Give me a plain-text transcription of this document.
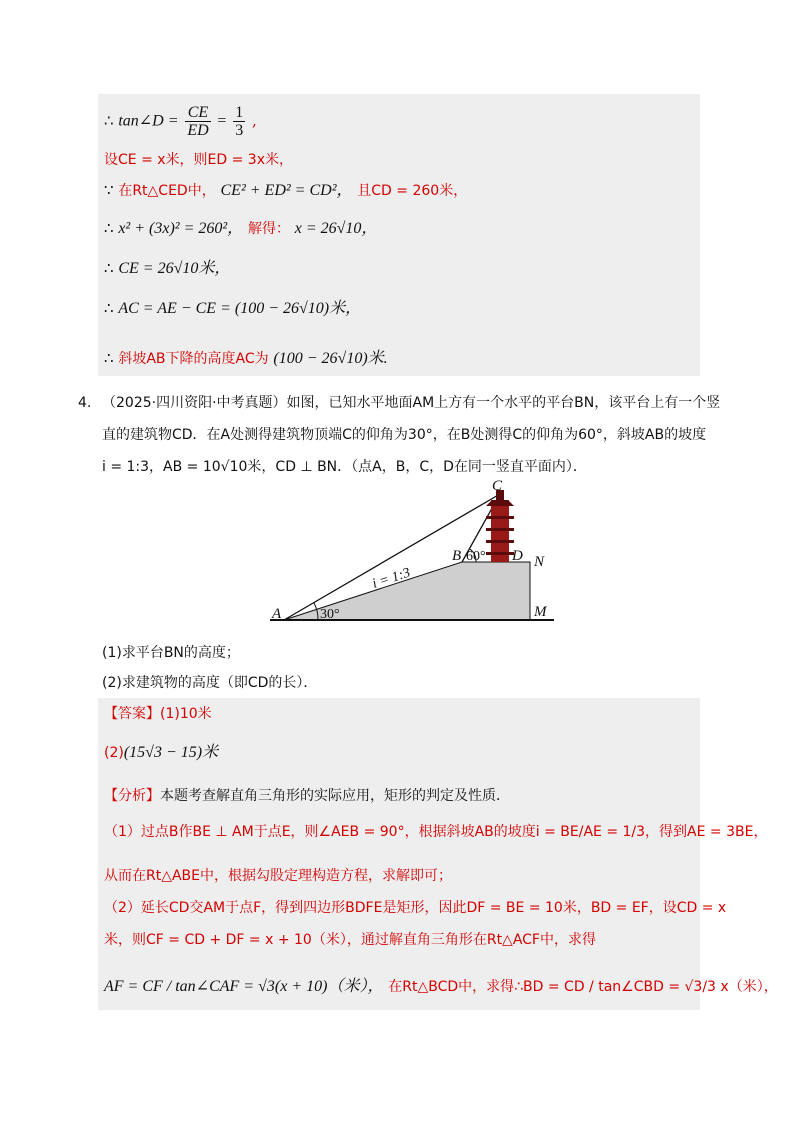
∴ tan∠D = $\frac{CE}{ED} = \frac{1}{3}$ ,
设CE = x米，则ED = 3x米，
∵ 在Rt△CED中， CE² + ED² = CD²， 且CD = 260米，
∴ x² + (3x)² = 260²， 解得： x = 26√10，
∴ CE = 26√10米，
∴ AC = AE − CE = (100 − 26√10)米，
∴ 斜坡AB下降的高度AC为 (100 − 26√10)米.
4. （2025·四川资阳·中考真题）如图，已知水平地面AM上方有一个水平的平台BN，该平台上有一个竖
直的建筑物CD．在A处测得建筑物顶端C的仰角为30°，在B处测得C的仰角为60°，斜坡AB的坡度
i = 1:3，AB = 10√10米，CD ⊥ BN．（点A，B，C，D在同一竖直平面内）．
C
B 60° D N
M
A	30°
i = 1:3
(1)求平台BN的高度；
(2)求建筑物的高度（即CD的长）．
【答案】(1)10米
(2)(15√3 − 15)米
【分析】本题考查解直角三角形的实际应用，矩形的判定及性质．
（1）过点B作BE ⊥ AM于点E，则∠AEB = 90°，根据斜坡AB的坡度i = BE/AE = 1/3，得到AE = 3BE，
从而在Rt△ABE中，根据勾股定理构造方程，求解即可；
（2）延长CD交AM于点F，得到四边形BDFE是矩形，因此DF = BE = 10米，BD = EF，设CD = x
米，则CF = CD + DF = x + 10（米），通过解直角三角形在Rt△ACF中，求得
AF = CF / tan∠CAF = √3(x + 10)（米）， 在Rt△BCD中，求得∴BD = CD / tan∠CBD = √3/3 x（米），
